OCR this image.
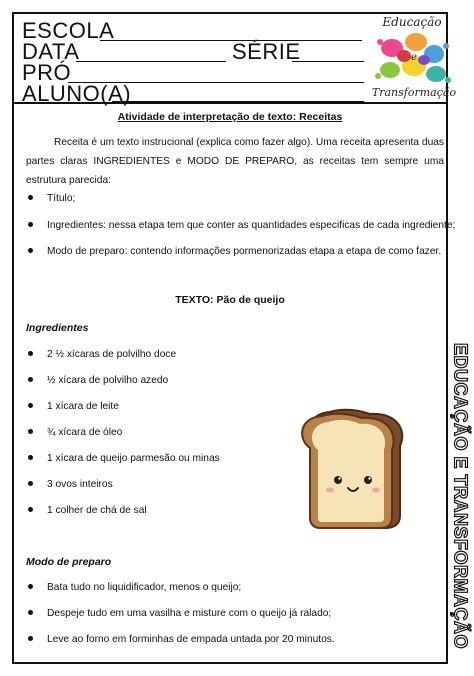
ESCOLA
DATA	SÉRIE
PRÓ
ALUNO(A)
Educação
e
Transformação
EDUCAÇÃO E TRANSFORMAÇÃO
Atividade de interpretação de texto: Receitas
Receita é um texto instrucional (explica como fazer algo). Uma receita apresenta duas partes claras INGREDIENTES e MODO DE PREPARO, as receitas tem sempre uma estrutura parecida:
Título;
Ingredientes: nessa etapa tem que conter as quantidades especificas de cada ingrediente;
Modo de preparo: contendo informações pormenorizadas etapa a etapa de como fazer.
TEXTO: Pão de queijo
Ingredientes
2 ½ xícaras de polvilho doce
½ xícara de polvilho azedo
1 xícara de leite
¾ xícara de óleo
1 xícara de queijo parmesão ou minas
3 ovos inteiros
1 colher de chá de sal
Modo de preparo
Bata tudo no liquidificador, menos o queijo;
Despeje tudo em uma vasilha e misture com o queijo já ralado;
Leve ao forno em forminhas de empada untada por 20 minutos.
